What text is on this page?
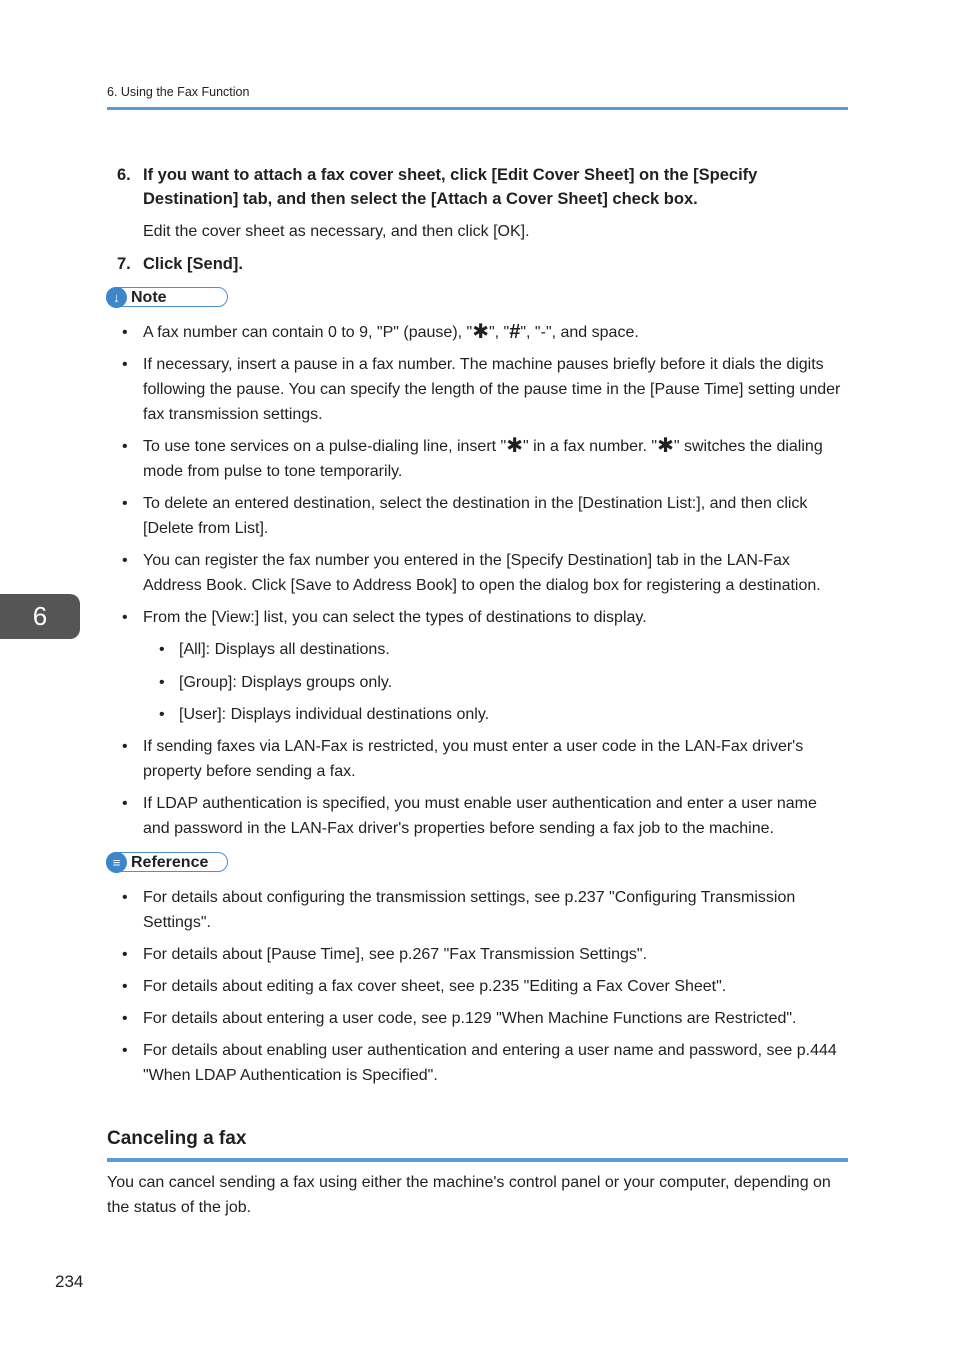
6. Using the Fax Function
6. If you want to attach a fax cover sheet, click [Edit Cover Sheet] on the [Specify Destination] tab, and then select the [Attach a Cover Sheet] check box.
Edit the cover sheet as necessary, and then click [OK].
7. Click [Send].
↓ Note
• A fax number can contain 0 to 9, "P" (pause), "✱", "#", "-", and space.
• If necessary, insert a pause in a fax number. The machine pauses briefly before it dials the digits following the pause. You can specify the length of the pause time in the [Pause Time] setting under fax transmission settings.
• To use tone services on a pulse-dialing line, insert "✱" in a fax number. "✱" switches the dialing mode from pulse to tone temporarily.
• To delete an entered destination, select the destination in the [Destination List:], and then click [Delete from List].
• You can register the fax number you entered in the [Specify Destination] tab in the LAN-Fax Address Book. Click [Save to Address Book] to open the dialog box for registering a destination.
• From the [View:] list, you can select the types of destinations to display.
• [All]: Displays all destinations.
• [Group]: Displays groups only.
• [User]: Displays individual destinations only.
• If sending faxes via LAN-Fax is restricted, you must enter a user code in the LAN-Fax driver's property before sending a fax.
• If LDAP authentication is specified, you must enable user authentication and enter a user name and password in the LAN-Fax driver's properties before sending a fax job to the machine.
≡ Reference
• For details about configuring the transmission settings, see p.237 "Configuring Transmission Settings".
• For details about [Pause Time], see p.267 "Fax Transmission Settings".
• For details about editing a fax cover sheet, see p.235 "Editing a Fax Cover Sheet".
• For details about entering a user code, see p.129 "When Machine Functions are Restricted".
• For details about enabling user authentication and entering a user name and password, see p.444 "When LDAP Authentication is Specified".
6
Canceling a fax
You can cancel sending a fax using either the machine's control panel or your computer, depending on the status of the job.
234
